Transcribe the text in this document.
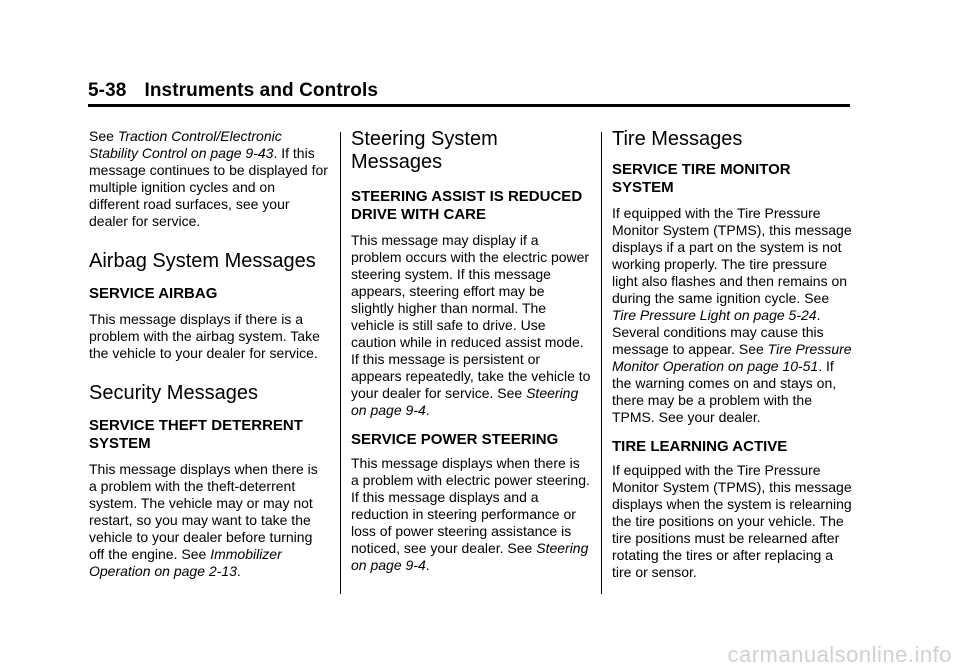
5-38 Instruments and Controls

See Traction Control/Electronic Stability Control on page 9-43. If this message continues to be displayed for multiple ignition cycles and on different road surfaces, see your dealer for service.

Airbag System Messages
SERVICE AIRBAG

This message displays if there is a problem with the airbag system. Take the vehicle to your dealer for service.

Security Messages
SERVICE THEFT DETERRENT SYSTEM

This message displays when there is a problem with the theft-deterrent system. The vehicle may or may not restart, so you may want to take the vehicle to your dealer before turning off the engine. See Immobilizer Operation on page 2-13.

Steering System Messages
STEERING ASSIST IS REDUCED DRIVE WITH CARE

This message may display if a problem occurs with the electric power steering system. If this message appears, steering effort may be slightly higher than normal. The vehicle is still safe to drive. Use caution while in reduced assist mode. If this message is persistent or appears repeatedly, take the vehicle to your dealer for service. See Steering on page 9-4.

SERVICE POWER STEERING

This message displays when there is a problem with electric power steering. If this message displays and a reduction in steering performance or loss of power steering assistance is noticed, see your dealer. See Steering on page 9-4.

Tire Messages
SERVICE TIRE MONITOR SYSTEM

If equipped with the Tire Pressure Monitor System (TPMS), this message displays if a part on the system is not working properly. The tire pressure light also flashes and then remains on during the same ignition cycle. See Tire Pressure Light on page 5-24. Several conditions may cause this message to appear. See Tire Pressure Monitor Operation on page 10-51. If the warning comes on and stays on, there may be a problem with the TPMS. See your dealer.

TIRE LEARNING ACTIVE

If equipped with the Tire Pressure Monitor System (TPMS), this message displays when the system is relearning the tire positions on your vehicle. The tire positions must be relearned after rotating the tires or after replacing a tire or sensor.

carmanualsonline.info
